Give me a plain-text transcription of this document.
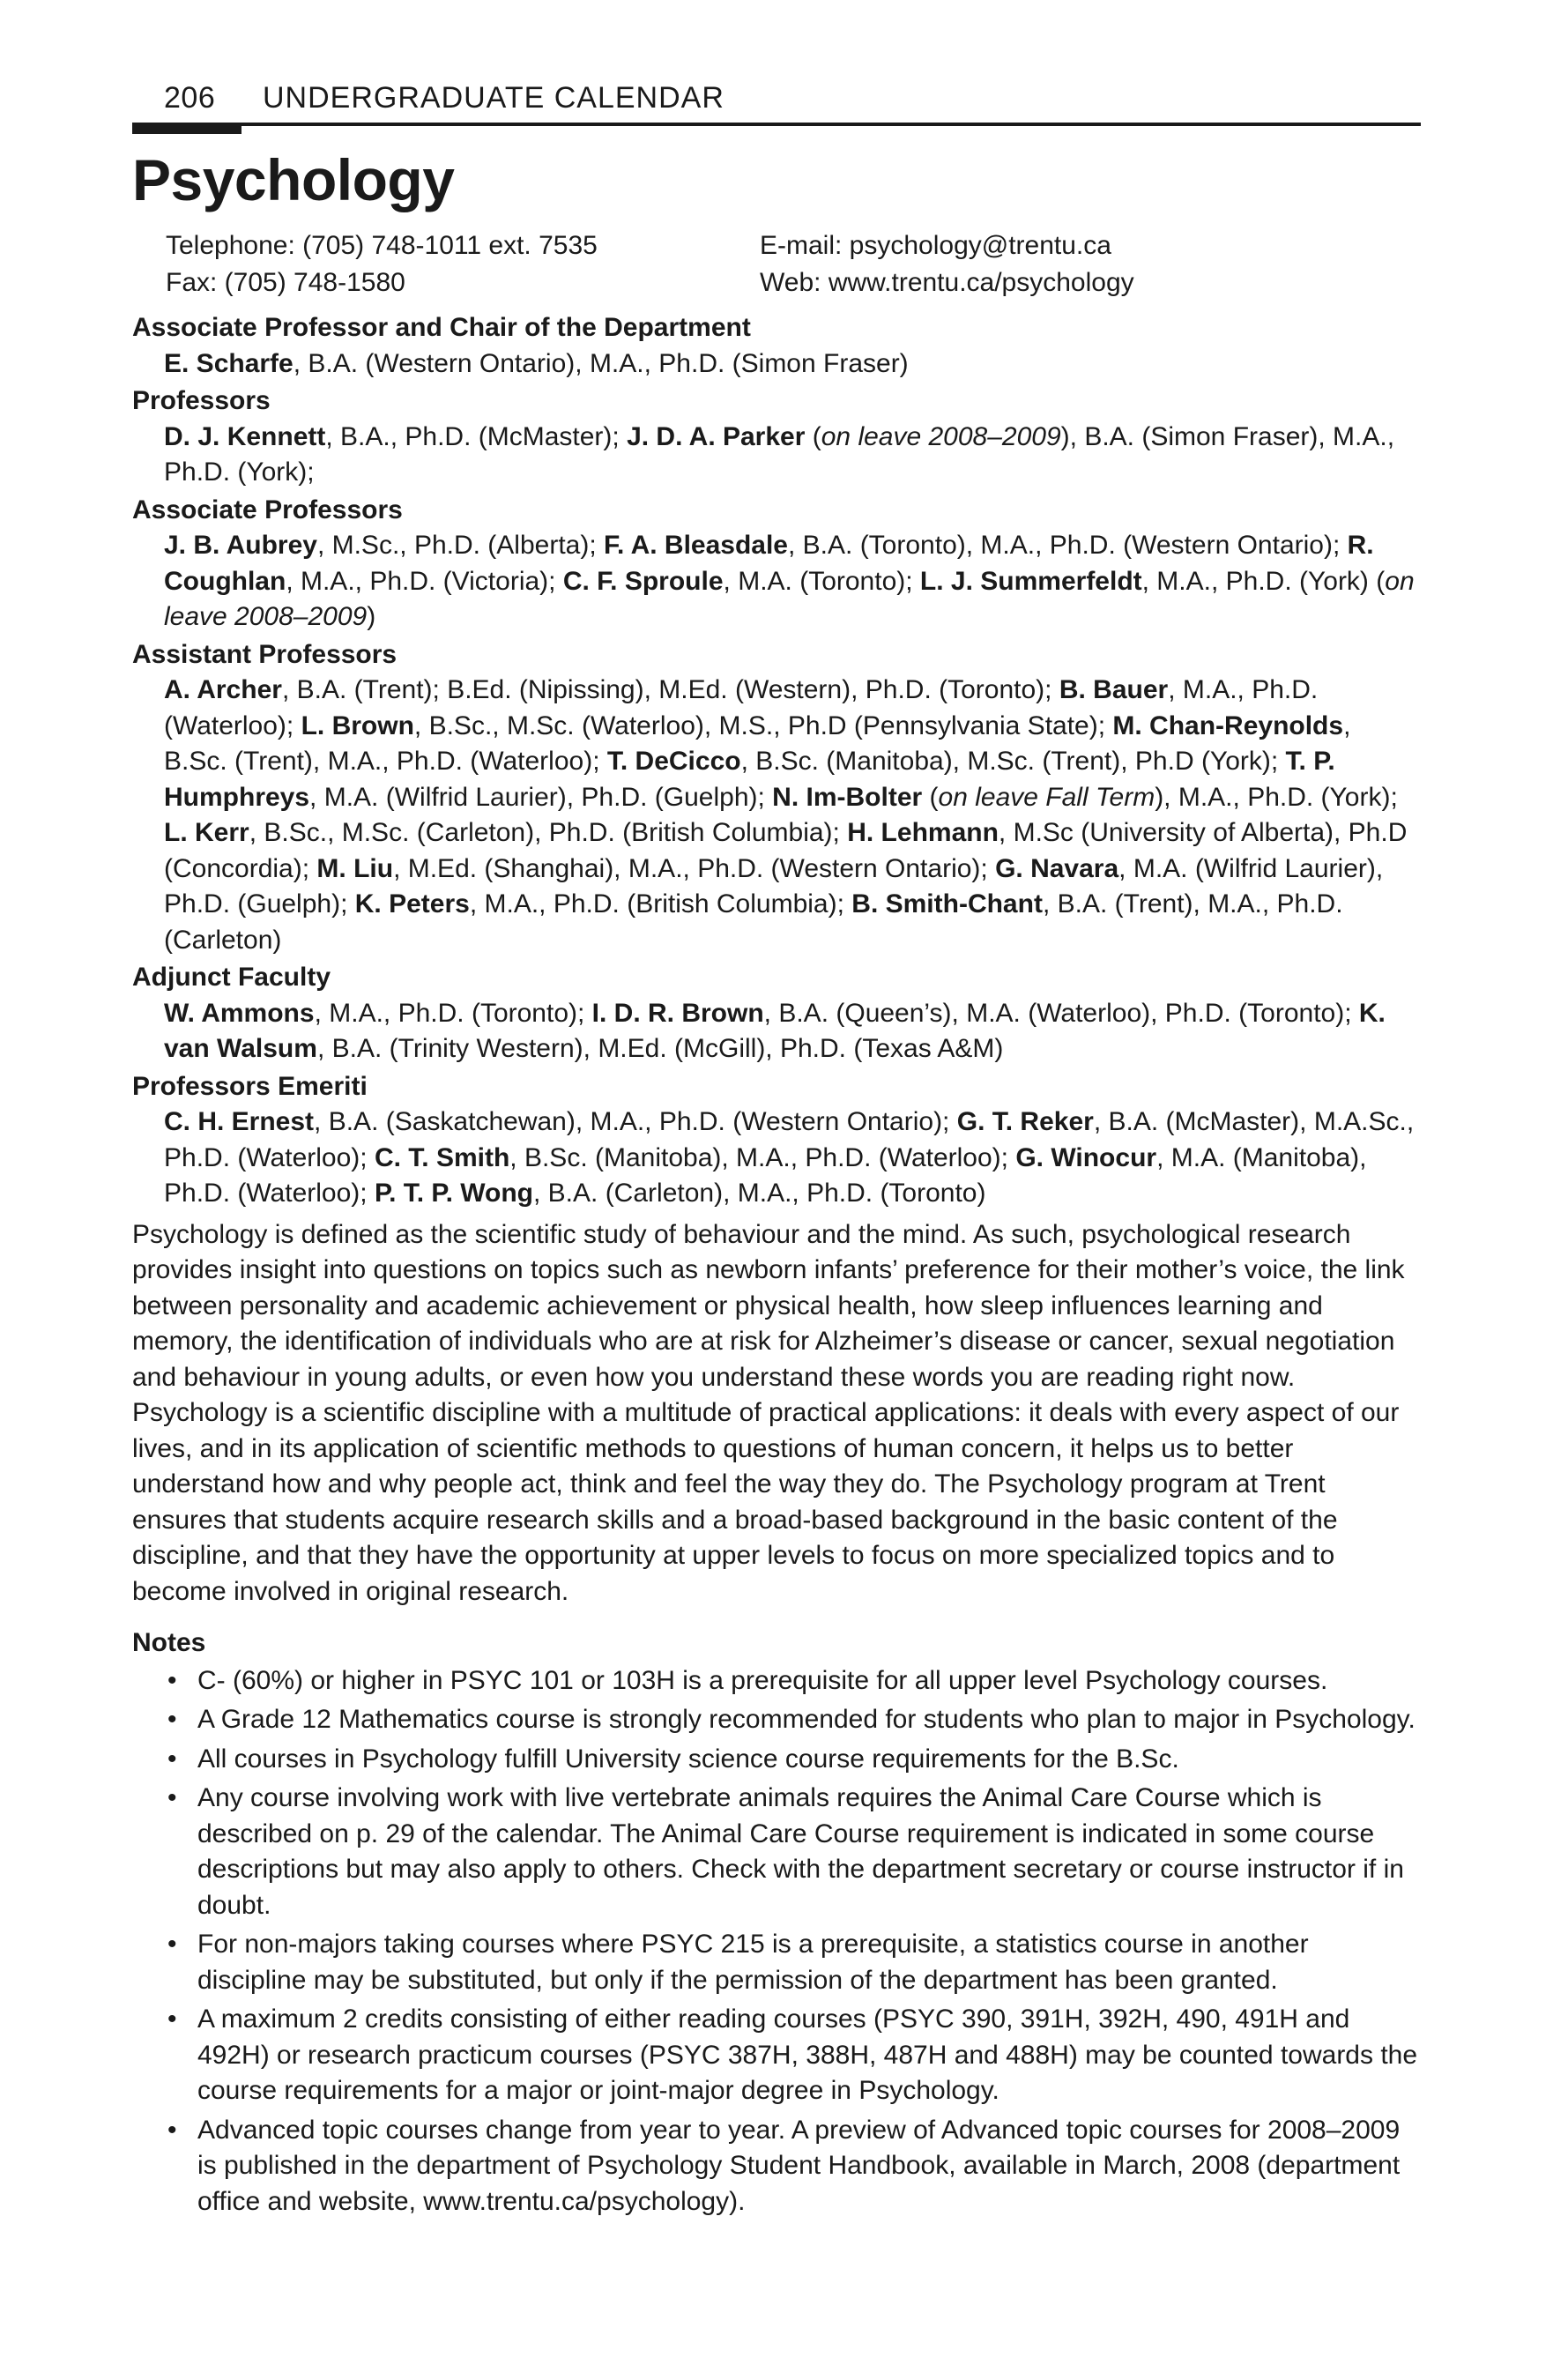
206 UNDERGRADUATE CALENDAR
Psychology
Telephone: (705) 748-1011 ext. 7535
Fax: (705) 748-1580
E-mail: psychology@trentu.ca
Web: www.trentu.ca/psychology
Associate Professor and Chair of the Department
E. Scharfe, B.A. (Western Ontario), M.A., Ph.D. (Simon Fraser)
Professors
D. J. Kennett, B.A., Ph.D. (McMaster); J. D. A. Parker (on leave 2008–2009), B.A. (Simon Fraser), M.A., Ph.D. (York);
Associate Professors
J. B. Aubrey, M.Sc., Ph.D. (Alberta); F. A. Bleasdale, B.A. (Toronto), M.A., Ph.D. (Western Ontario); R. Coughlan, M.A., Ph.D. (Victoria); C. F. Sproule, M.A. (Toronto); L. J. Summerfeldt, M.A., Ph.D. (York) (on leave 2008–2009)
Assistant Professors
A. Archer, B.A. (Trent); B.Ed. (Nipissing), M.Ed. (Western), Ph.D. (Toronto); B. Bauer, M.A., Ph.D. (Waterloo); L. Brown, B.Sc., M.Sc. (Waterloo), M.S., Ph.D (Pennsylvania State); M. Chan-Reynolds, B.Sc. (Trent), M.A., Ph.D. (Waterloo); T. DeCicco, B.Sc. (Manitoba), M.Sc. (Trent), Ph.D (York); T. P. Humphreys, M.A. (Wilfrid Laurier), Ph.D. (Guelph); N. Im-Bolter (on leave Fall Term), M.A., Ph.D. (York); L. Kerr, B.Sc., M.Sc. (Carleton), Ph.D. (British Columbia); H. Lehmann, M.Sc (University of Alberta), Ph.D (Concordia); M. Liu, M.Ed. (Shanghai), M.A., Ph.D. (Western Ontario); G. Navara, M.A. (Wilfrid Laurier), Ph.D. (Guelph); K. Peters, M.A., Ph.D. (British Columbia); B. Smith-Chant, B.A. (Trent), M.A., Ph.D. (Carleton)
Adjunct Faculty
W. Ammons, M.A., Ph.D. (Toronto); I. D. R. Brown, B.A. (Queen’s), M.A. (Waterloo), Ph.D. (Toronto); K. van Walsum, B.A. (Trinity Western), M.Ed. (McGill), Ph.D. (Texas A&M)
Professors Emeriti
C. H. Ernest, B.A. (Saskatchewan), M.A., Ph.D. (Western Ontario); G. T. Reker, B.A. (McMaster), M.A.Sc., Ph.D. (Waterloo); C. T. Smith, B.Sc. (Manitoba), M.A., Ph.D. (Waterloo); G. Winocur, M.A. (Manitoba), Ph.D. (Waterloo); P. T. P. Wong, B.A. (Carleton), M.A., Ph.D. (Toronto)

Psychology is defined as the scientific study of behaviour and the mind. As such, psychological research provides insight into questions on topics such as newborn infants’ preference for their mother’s voice, the link between personality and academic achievement or physical health, how sleep influences learning and memory, the identification of individuals who are at risk for Alzheimer’s disease or cancer, sexual negotiation and behaviour in young adults, or even how you understand these words you are reading right now. Psychology is a scientific discipline with a multitude of practical applications: it deals with every aspect of our lives, and in its application of scientific methods to questions of human concern, it helps us to better understand how and why people act, think and feel the way they do. The Psychology program at Trent ensures that students acquire research skills and a broad-based background in the basic content of the discipline, and that they have the opportunity at upper levels to focus on more specialized topics and to become involved in original research.

Notes
• C- (60%) or higher in PSYC 101 or 103H is a prerequisite for all upper level Psychology courses.
• A Grade 12 Mathematics course is strongly recommended for students who plan to major in Psychology.
• All courses in Psychology fulfill University science course requirements for the B.Sc.
• Any course involving work with live vertebrate animals requires the Animal Care Course which is described on p. 29 of the calendar. The Animal Care Course requirement is indicated in some course descriptions but may also apply to others. Check with the department secretary or course instructor if in doubt.
• For non-majors taking courses where PSYC 215 is a prerequisite, a statistics course in another discipline may be substituted, but only if the permission of the department has been granted.
• A maximum 2 credits consisting of either reading courses (PSYC 390, 391H, 392H, 490, 491H and 492H) or research practicum courses (PSYC 387H, 388H, 487H and 488H) may be counted towards the course requirements for a major or joint-major degree in Psychology.
• Advanced topic courses change from year to year. A preview of Advanced topic courses for 2008–2009 is published in the department of Psychology Student Handbook, available in March, 2008 (department office and website, www.trentu.ca/psychology).
